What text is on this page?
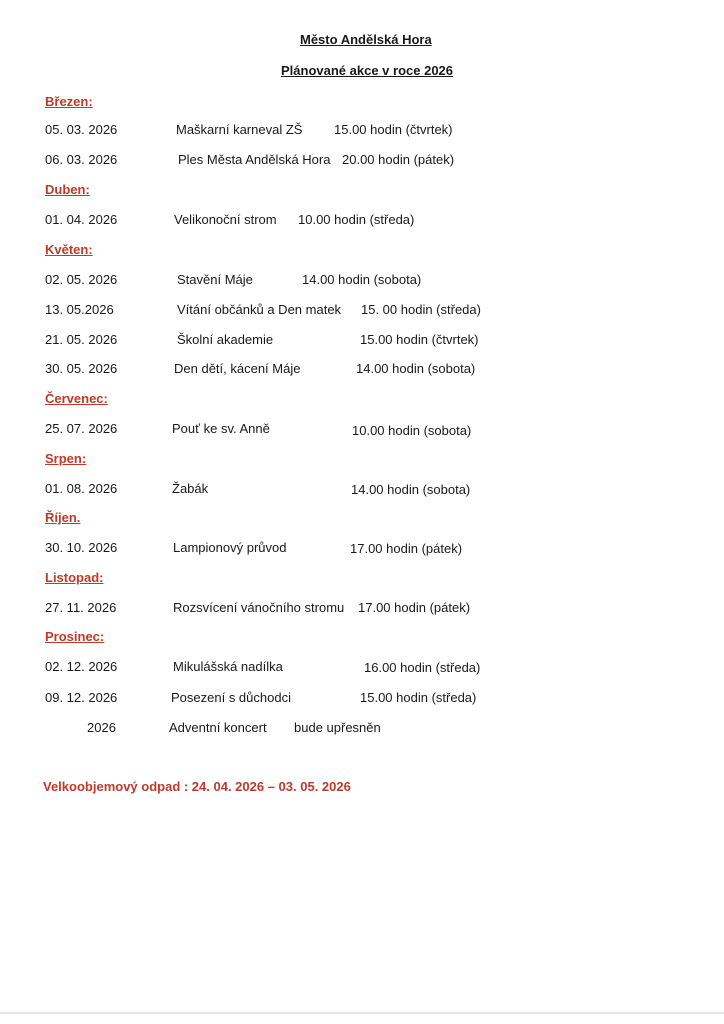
Město Andělská Hora
Plánované akce v roce 2026
Březen:
05. 03. 2026	Maškarní karneval ZŠ 15.00 hodin (čtvrtek)
06. 03. 2026	Ples Města Andělská Hora 20.00 hodin (pátek)
Duben:
01. 04. 2026	Velikonoční strom 10.00 hodin (středa)
Květen:
02. 05. 2026	Stavění Máje	14.00 hodin (sobota)
13. 05.2026	Vítání občánků a Den matek 15. 00 hodin (středa)
21. 05. 2026	Školní akademie	15.00 hodin (čtvrtek)
30. 05. 2026	Den dětí, kácení Máje	14.00 hodin (sobota)
Červenec:
25. 07. 2026	Pouť ke sv. Anně	10.00 hodin (sobota)
Srpen:
01. 08. 2026	Žabák	14.00 hodin (sobota)
Říjen.
30. 10. 2026	Lampionový průvod	17.00 hodin (pátek)
Listopad:
27. 11. 2026	Rozsvícení vánočního stromu 17.00 hodin (pátek)
Prosinec:
02. 12. 2026	Mikulášská nadílka	16.00 hodin (středa)
09. 12. 2026	Posezení s důchodci	15.00 hodin (středa)
2026	Adventní koncert bude upřesněn
Velkoobjemový odpad : 24. 04. 2026 – 03. 05. 2026
